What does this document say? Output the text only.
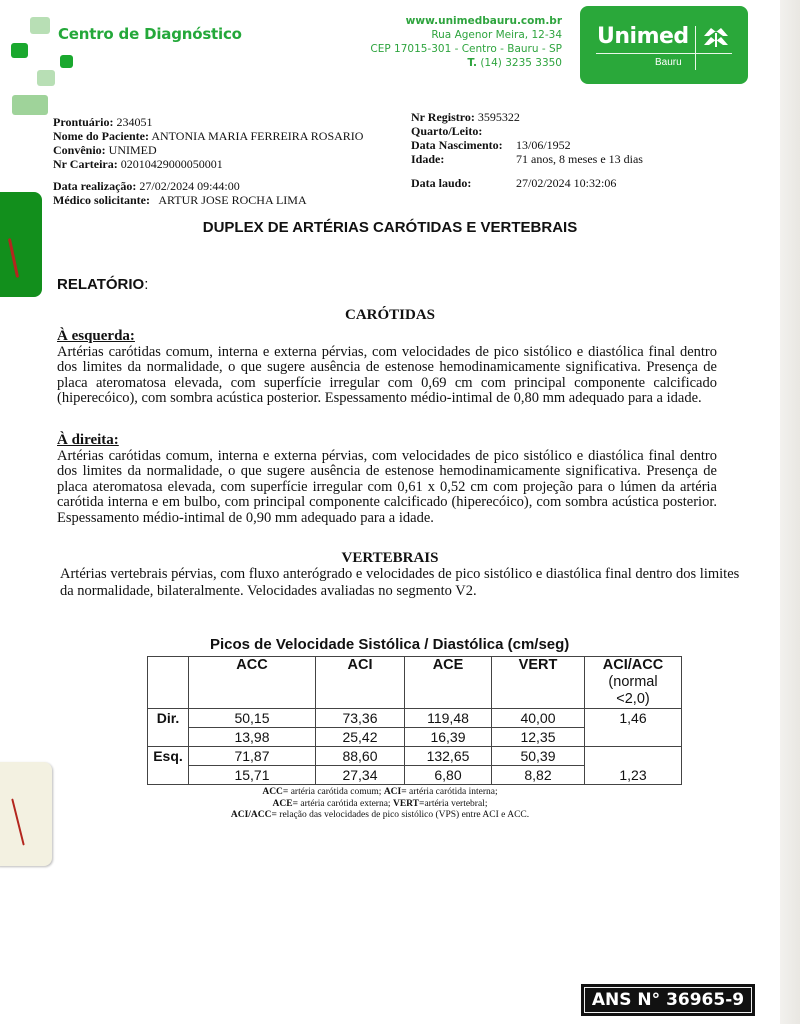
Centro de Diagnóstico
www.unimedbauru.com.br
Rua Agenor Meira, 12-34
CEP 17015-301 - Centro - Bauru - SP
T. (14) 3235 3350
Unimed
Bauru
Prontuário: 234051
Nome do Paciente: ANTONIA MARIA FERREIRA ROSARIO
Convênio: UNIMED
Nr Carteira: 02010429000050001
Data realização: 27/02/2024 09:44:00
Médico solicitante: ARTUR JOSE ROCHA LIMA
Nr Registro: 3595322
Quarto/Leito:
Data Nascimento: 13/06/1952
Idade:	71 anos, 8 meses e 13 dias
Data laudo:	27/02/2024 10:32:06
DUPLEX DE ARTÉRIAS CARÓTIDAS E VERTEBRAIS
RELATÓRIO:
CARÓTIDAS
À esquerda:
Artérias carótidas comum, interna e externa pérvias, com velocidades de pico sistólico e diastólica final dentro dos limites da normalidade, o que sugere ausência de estenose hemodinamicamente significativa. Presença de placa ateromatosa elevada, com superfície irregular com 0,69 cm com principal componente calcificado (hiperecóico), com sombra acústica posterior. Espessamento médio-intimal de 0,80 mm adequado para a idade.
À direita:
Artérias carótidas comum, interna e externa pérvias, com velocidades de pico sistólico e diastólica final dentro dos limites da normalidade, o que sugere ausência de estenose hemodinamicamente significativa. Presença de placa ateromatosa elevada, com superfície irregular com 0,61 x 0,52 cm com projeção para o lúmen da artéria carótida interna e em bulbo, com principal componente calcificado (hiperecóico), com sombra acústica posterior. Espessamento médio-intimal de 0,90 mm adequado para a idade.
VERTEBRAIS
Artérias vertebrais pérvias, com fluxo anterógrado e velocidades de pico sistólico e diastólica final dentro dos limites da normalidade, bilateralmente. Velocidades avaliadas no segmento V2.
Picos de Velocidade Sistólica / Diastólica (cm/seg)
	ACC	ACI	ACE	VERT	ACI/ACC
(normal
<2,0)

Dir.	50,15	73,36	119,48	40,00	1,46
	13,98	25,42	16,39	12,35	
Esq.	71,87	88,60	132,65	50,39	1,23
	15,71	27,34	6,80	8,82	
ACC= artéria carótida comum; ACI= artéria carótida interna;
ACE= artéria carótida externa; VERT=artéria vertebral;
ACI/ACC= relação das velocidades de pico sistólico (VPS) entre ACI e ACC.
ANS N° 36965-9
